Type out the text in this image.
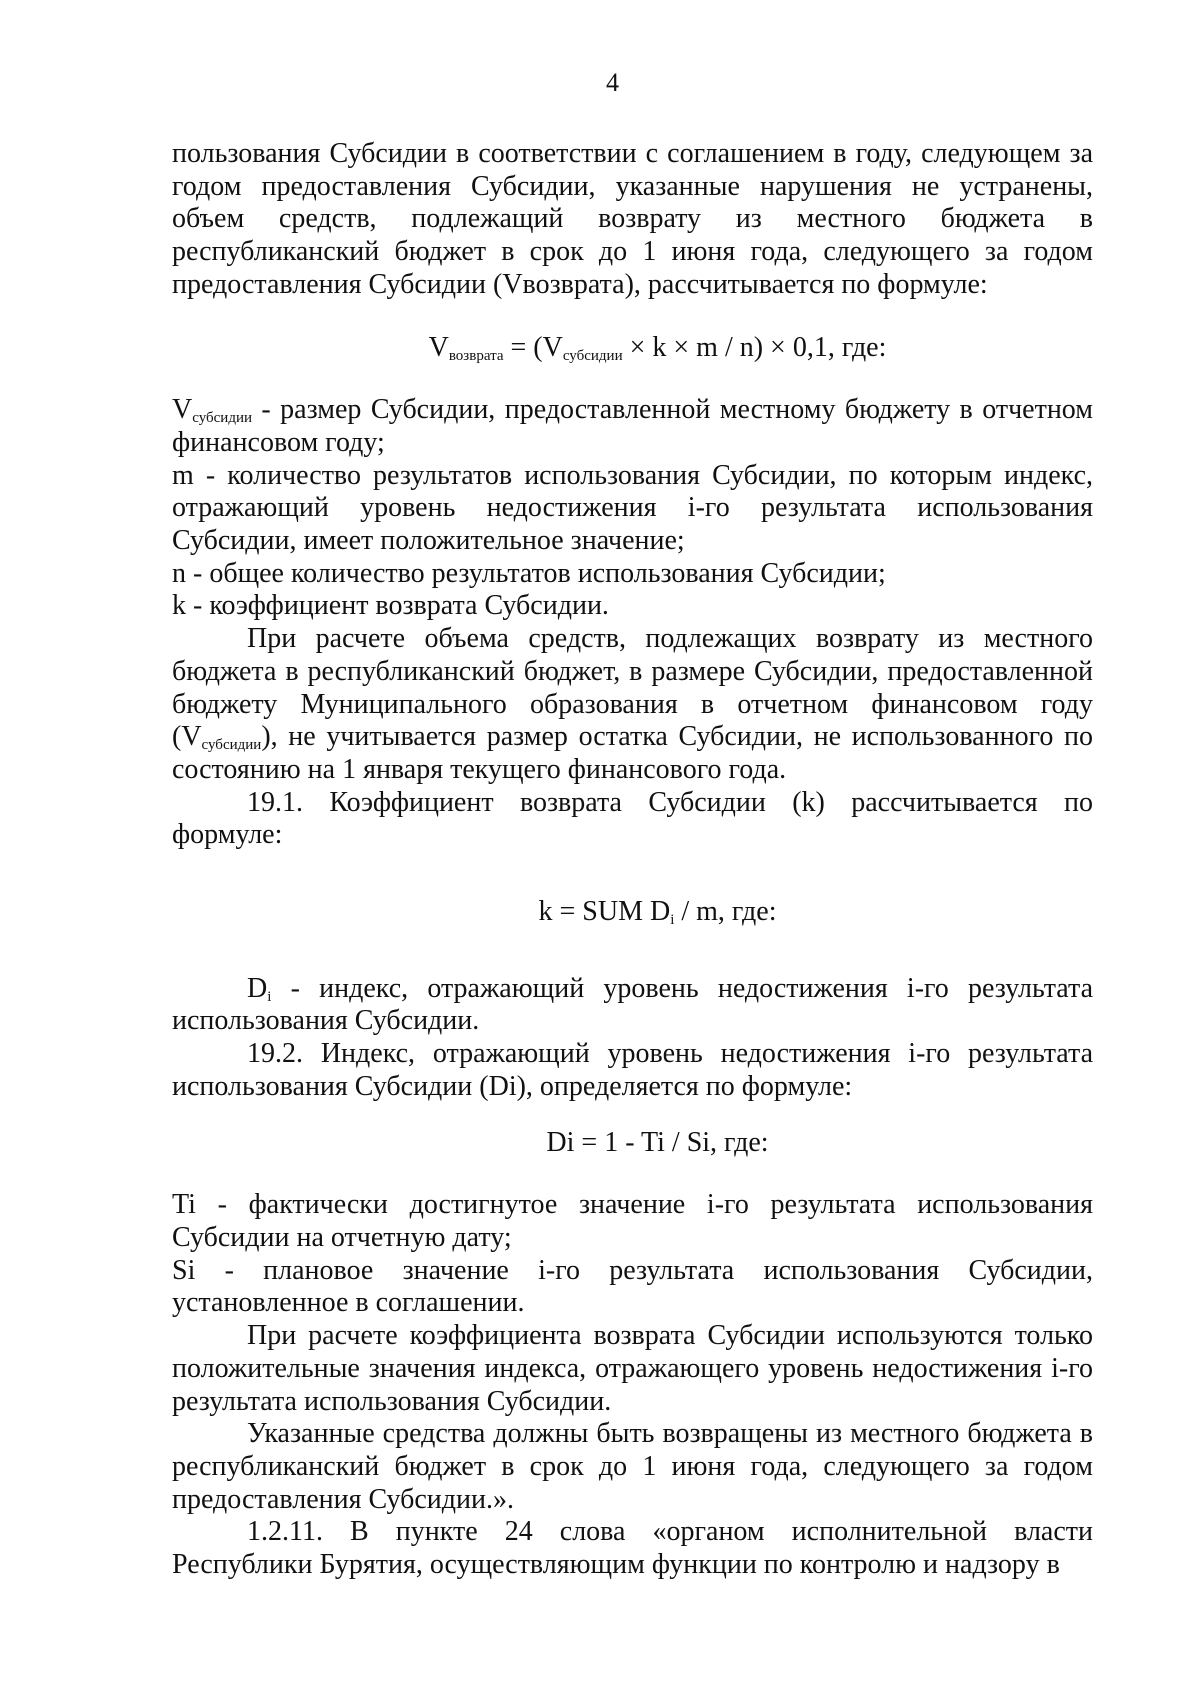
4

пользования Субсидии в соответствии с соглашением в году, следующем за годом предоставления Субсидии, указанные нарушения не устранены, объем средств, подлежащий возврату из местного бюджета в республиканский бюджет в срок до 1 июня года, следующего за годом предоставления Субсидии (Vвозврата), рассчитывается по формуле:

$V_{возврата} = (V_{субсидии} \times k \times m / n) \times 0,1$, где:

$V_{субсидии}$ - размер Субсидии, предоставленной местному бюджету в отчетном финансовом году;

m - количество результатов использования Субсидии, по которым индекс, отражающий уровень недостижения i-го результата использования Субсидии, имеет положительное значение;

n - общее количество результатов использования Субсидии;

k - коэффициент возврата Субсидии.

При расчете объема средств, подлежащих возврату из местного бюджета в республиканский бюджет, в размере Субсидии, предоставленной бюджету Муниципального образования в отчетном финансовом году $(V_{субсидии})$, не учитывается размер остатка Субсидии, не использованного по состоянию на 1 января текущего финансового года.

19.1. Коэффициент возврата Субсидии (k) рассчитывается по формуле:

k = SUM $D_i$ / m, где:

$D_i$ - индекс, отражающий уровень недостижения i-го результата использования Субсидии.

19.2. Индекс, отражающий уровень недостижения i-го результата использования Субсидии (Di), определяется по формуле:

Di = 1 - Ti / Si, где:

Ti - фактически достигнутое значение i-го результата использования Субсидии на отчетную дату;

Si - плановое значение i-го результата использования Субсидии, установленное в соглашении.

При расчете коэффициента возврата Субсидии используются только положительные значения индекса, отражающего уровень недостижения i-го результата использования Субсидии.

Указанные средства должны быть возвращены из местного бюджета в республиканский бюджет в срок до 1 июня года, следующего за годом предоставления Субсидии.».

1.2.11. В пункте 24 слова «органом исполнительной власти Республики Бурятия, осуществляющим функции по контролю и надзору в
